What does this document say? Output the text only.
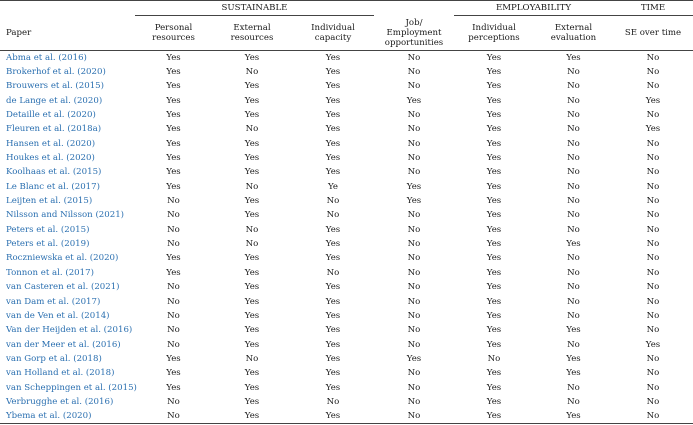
	SUSTAINABLE				EMPLOYABILITY		TIME
Paper	Personal resources	External resources	Individual capacity	Job/ Employment opportunities	Individual perceptions	External evaluation	SE over time
Abma et al. (2016)	Yes	Yes	Yes	No	Yes	Yes	No
Brokerhof et al. (2020)	Yes	No	Yes	No	Yes	No	No
Brouwers et al. (2015)	Yes	Yes	Yes	No	Yes	No	No
de Lange et al. (2020)	Yes	Yes	Yes	Yes	Yes	No	Yes
Detaille et al. (2020)	Yes	Yes	Yes	No	Yes	No	No
Fleuren et al. (2018a)	Yes	No	Yes	No	Yes	No	Yes
Hansen et al. (2020)	Yes	Yes	Yes	No	Yes	No	No
Houkes et al. (2020)	Yes	Yes	Yes	No	Yes	No	No
Koolhaas et al. (2015)	Yes	Yes	Yes	No	Yes	No	No
Le Blanc et al. (2017)	Yes	No	Ye	Yes	Yes	No	No
Leijten et al. (2015)	No	Yes	No	Yes	Yes	No	No
Nilsson and Nilsson (2021)	No	Yes	No	No	Yes	No	No
Peters et al. (2015)	No	No	Yes	No	Yes	No	No
Peters et al. (2019)	No	No	Yes	No	Yes	Yes	No
Roczniewska et al. (2020)	Yes	Yes	Yes	No	Yes	No	No
Tonnon et al. (2017)	Yes	Yes	No	No	Yes	No	No
van Casteren et al. (2021)	No	Yes	Yes	No	Yes	No	No
van Dam et al. (2017)	No	Yes	Yes	No	Yes	No	No
van de Ven et al. (2014)	No	Yes	Yes	No	Yes	No	No
Van der Heijden et al. (2016)	No	Yes	Yes	No	Yes	Yes	No
van der Meer et al. (2016)	No	Yes	Yes	No	Yes	No	Yes
van Gorp et al. (2018)	Yes	No	Yes	Yes	No	Yes	No
van Holland et al. (2018)	Yes	Yes	Yes	No	Yes	Yes	No
van Scheppingen et al. (2015)	Yes	Yes	Yes	No	Yes	No	No
Verbrugghe et al. (2016)	No	Yes	No	No	Yes	No	No
Ybema et al. (2020)	No	Yes	Yes	No	Yes	Yes	No
